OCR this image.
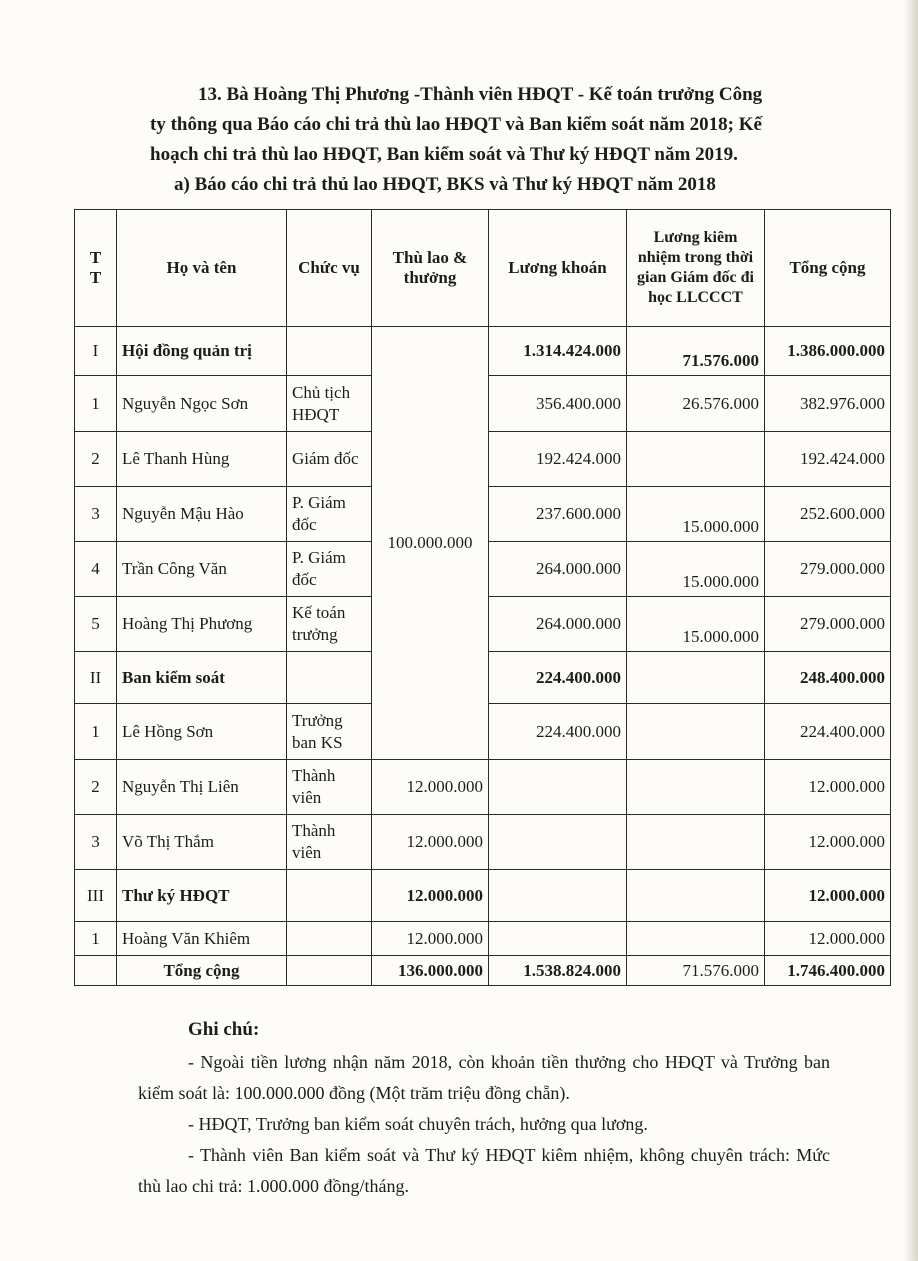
13. Bà Hoàng Thị Phương -Thành viên HĐQT - Kế toán trưởng Công

ty thông qua Báo cáo chi trả thù lao HĐQT và Ban kiểm soát năm 2018; Kế

hoạch chi trả thù lao HĐQT, Ban kiểm soát và Thư ký HĐQT năm 2019.

a) Báo cáo chi trả thủ lao HĐQT, BKS và Thư ký HĐQT năm 2018

T T	Họ và tên	Chức vụ	Thù lao & thưởng	Lương khoán	Lương kiêm nhiệm trong thời gian Giám đốc đi học LLCCCT	Tổng cộng
I	Hội đồng quản trị		100.000.000	1.314.424.000	71.576.000	1.386.000.000
1	Nguyễn Ngọc Sơn	Chủ tịch HĐQT		356.400.000	26.576.000	382.976.000
2	Lê Thanh Hùng	Giám đốc		192.424.000		192.424.000
3	Nguyễn Mậu Hào	P. Giám đốc		237.600.000	15.000.000	252.600.000
4	Trần Công Văn	P. Giám đốc		264.000.000	15.000.000	279.000.000
5	Hoàng Thị Phương	Kế toán trưởng		264.000.000	15.000.000	279.000.000
II	Ban kiểm soát			224.400.000		248.400.000
1	Lê Hồng Sơn	Trưởng ban KS		224.400.000		224.400.000
2	Nguyễn Thị Liên	Thành viên	12.000.000			12.000.000
3	Võ Thị Thắm	Thành viên	12.000.000			12.000.000
III	Thư ký HĐQT		12.000.000			12.000.000
1	Hoàng Văn Khiêm		12.000.000			12.000.000
	Tổng cộng		136.000.000	1.538.824.000	71.576.000	1.746.400.000

Ghi chú:

- Ngoài tiền lương nhận năm 2018, còn khoản tiền thưởng cho HĐQT và Trưởng ban kiểm soát là: 100.000.000 đồng (Một trăm triệu đồng chẵn).

- HĐQT, Trưởng ban kiểm soát chuyên trách, hưởng qua lương.

- Thành viên Ban kiểm soát và Thư ký HĐQT kiêm nhiệm, không chuyên trách: Mức thù lao chi trả: 1.000.000 đồng/tháng.
